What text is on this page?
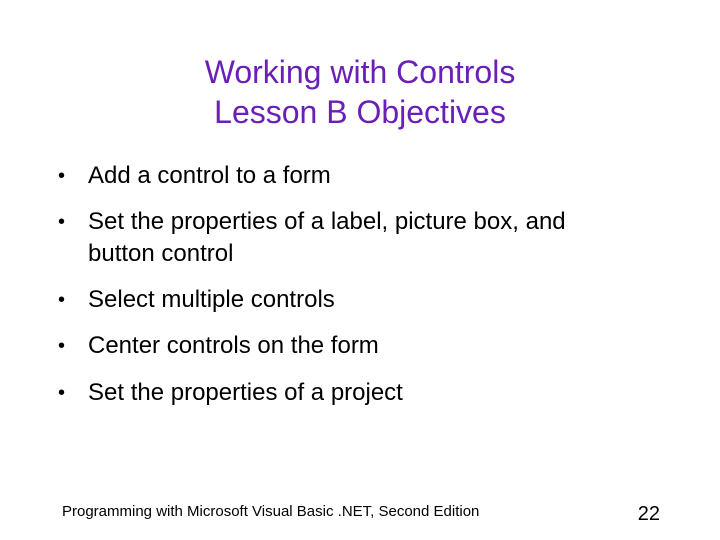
Working with Controls
Lesson B Objectives
• Add a control to a form
• Set the properties of a label, picture box, and button control
• Select multiple controls
• Center controls on the form
• Set the properties of a project
Programming with Microsoft Visual Basic .NET, Second Edition	22
